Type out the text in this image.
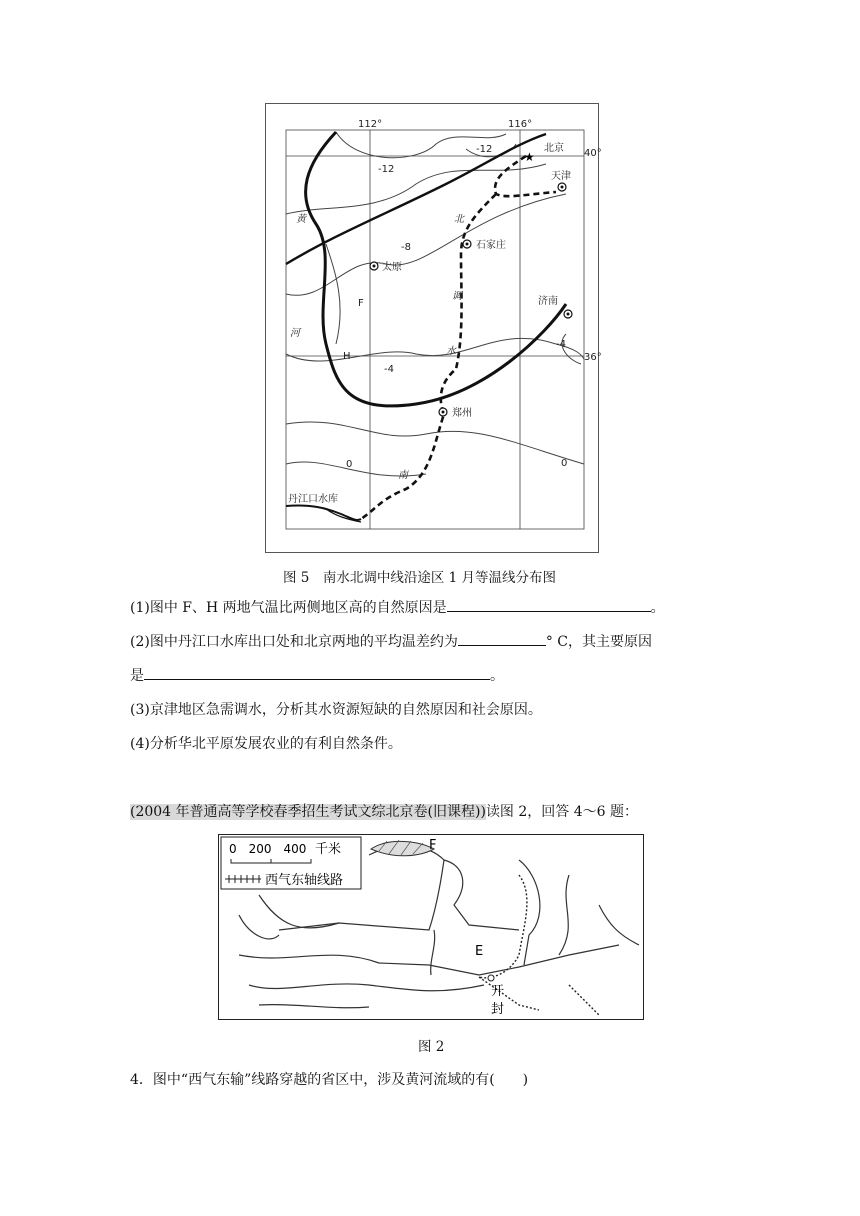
★
112°	116°
40°
36°
-12
-12
-8
-4
-4
0	0
北京
天津
石家庄
太原
济南
郑州
丹江口水库
F
H
黄
河
北
调
水
南
图 5　南水北调中线沿途区 1 月等温线分布图
(1)图中 F、H 两地气温比两侧地区高的自然原因是	。
(2)图中丹江口水库出口处和北京两地的平均温差约为	° C，其主要原因
是	。
(3)京津地区急需调水，分析其水资源短缺的自然原因和社会原因。
(4)分析华北平原发展农业的有利自然条件。
(2004 年普通高等学校春季招生考试文综北京卷(旧课程))读图 2，回答 4～6 题：
0　200　400 千米
西气东轴线路
F
E
开
封
图 2
4．图中“西气东输”线路穿越的省区中，涉及黄河流域的有(　　)
